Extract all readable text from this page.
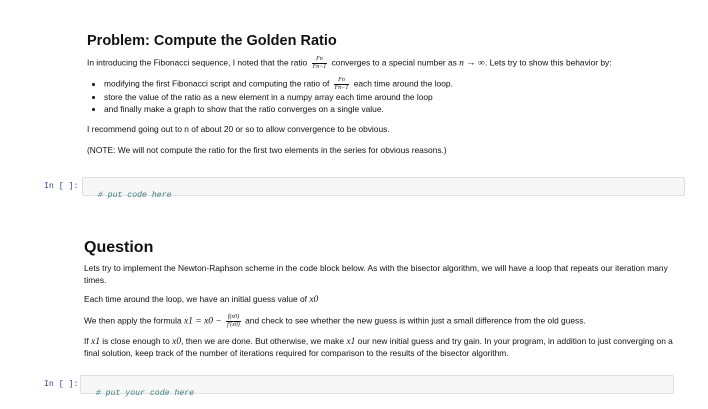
Problem: Compute the Golden Ratio

In introducing the Fibonacci sequence, I noted that the ratio $\frac{Fn}{Fn-1}$ converges to a special number as n → ∞. Lets try to show this behavior by:

• modifying the first Fibonacci script and computing the ratio of $\frac{Fn}{Fn-1}$ each time around the loop.
• store the value of the ratio as a new element in a numpy array each time around the loop
• and finally make a graph to show that the ratio converges on a single value.

I recommend going out to n of about 20 or so to allow convergence to be obvious.

(NOTE: We will not compute the ratio for the first two elements in the series for obvious reasons.)

In [ ]:

# put code here

Question

Lets try to implement the Newton-Raphson scheme in the code block below. As with the bisector algorithm, we will have a loop that repeats our iteration many times.

Each time around the loop, we have an initial guess value of x0

We then apply the formula $x1 = x0 - \frac{f(x0)}{f'(x0)}$ and check to see whether the new guess is within just a small difference from the old guess.

If x1 is close enough to x0, then we are done. But otherwise, we make x1 our new initial guess and try gain. In your program, in addition to just converging on a final solution, keep track of the number of iterations required for comparison to the results of the bisector algorithm.

In [ ]:

# put your code here
